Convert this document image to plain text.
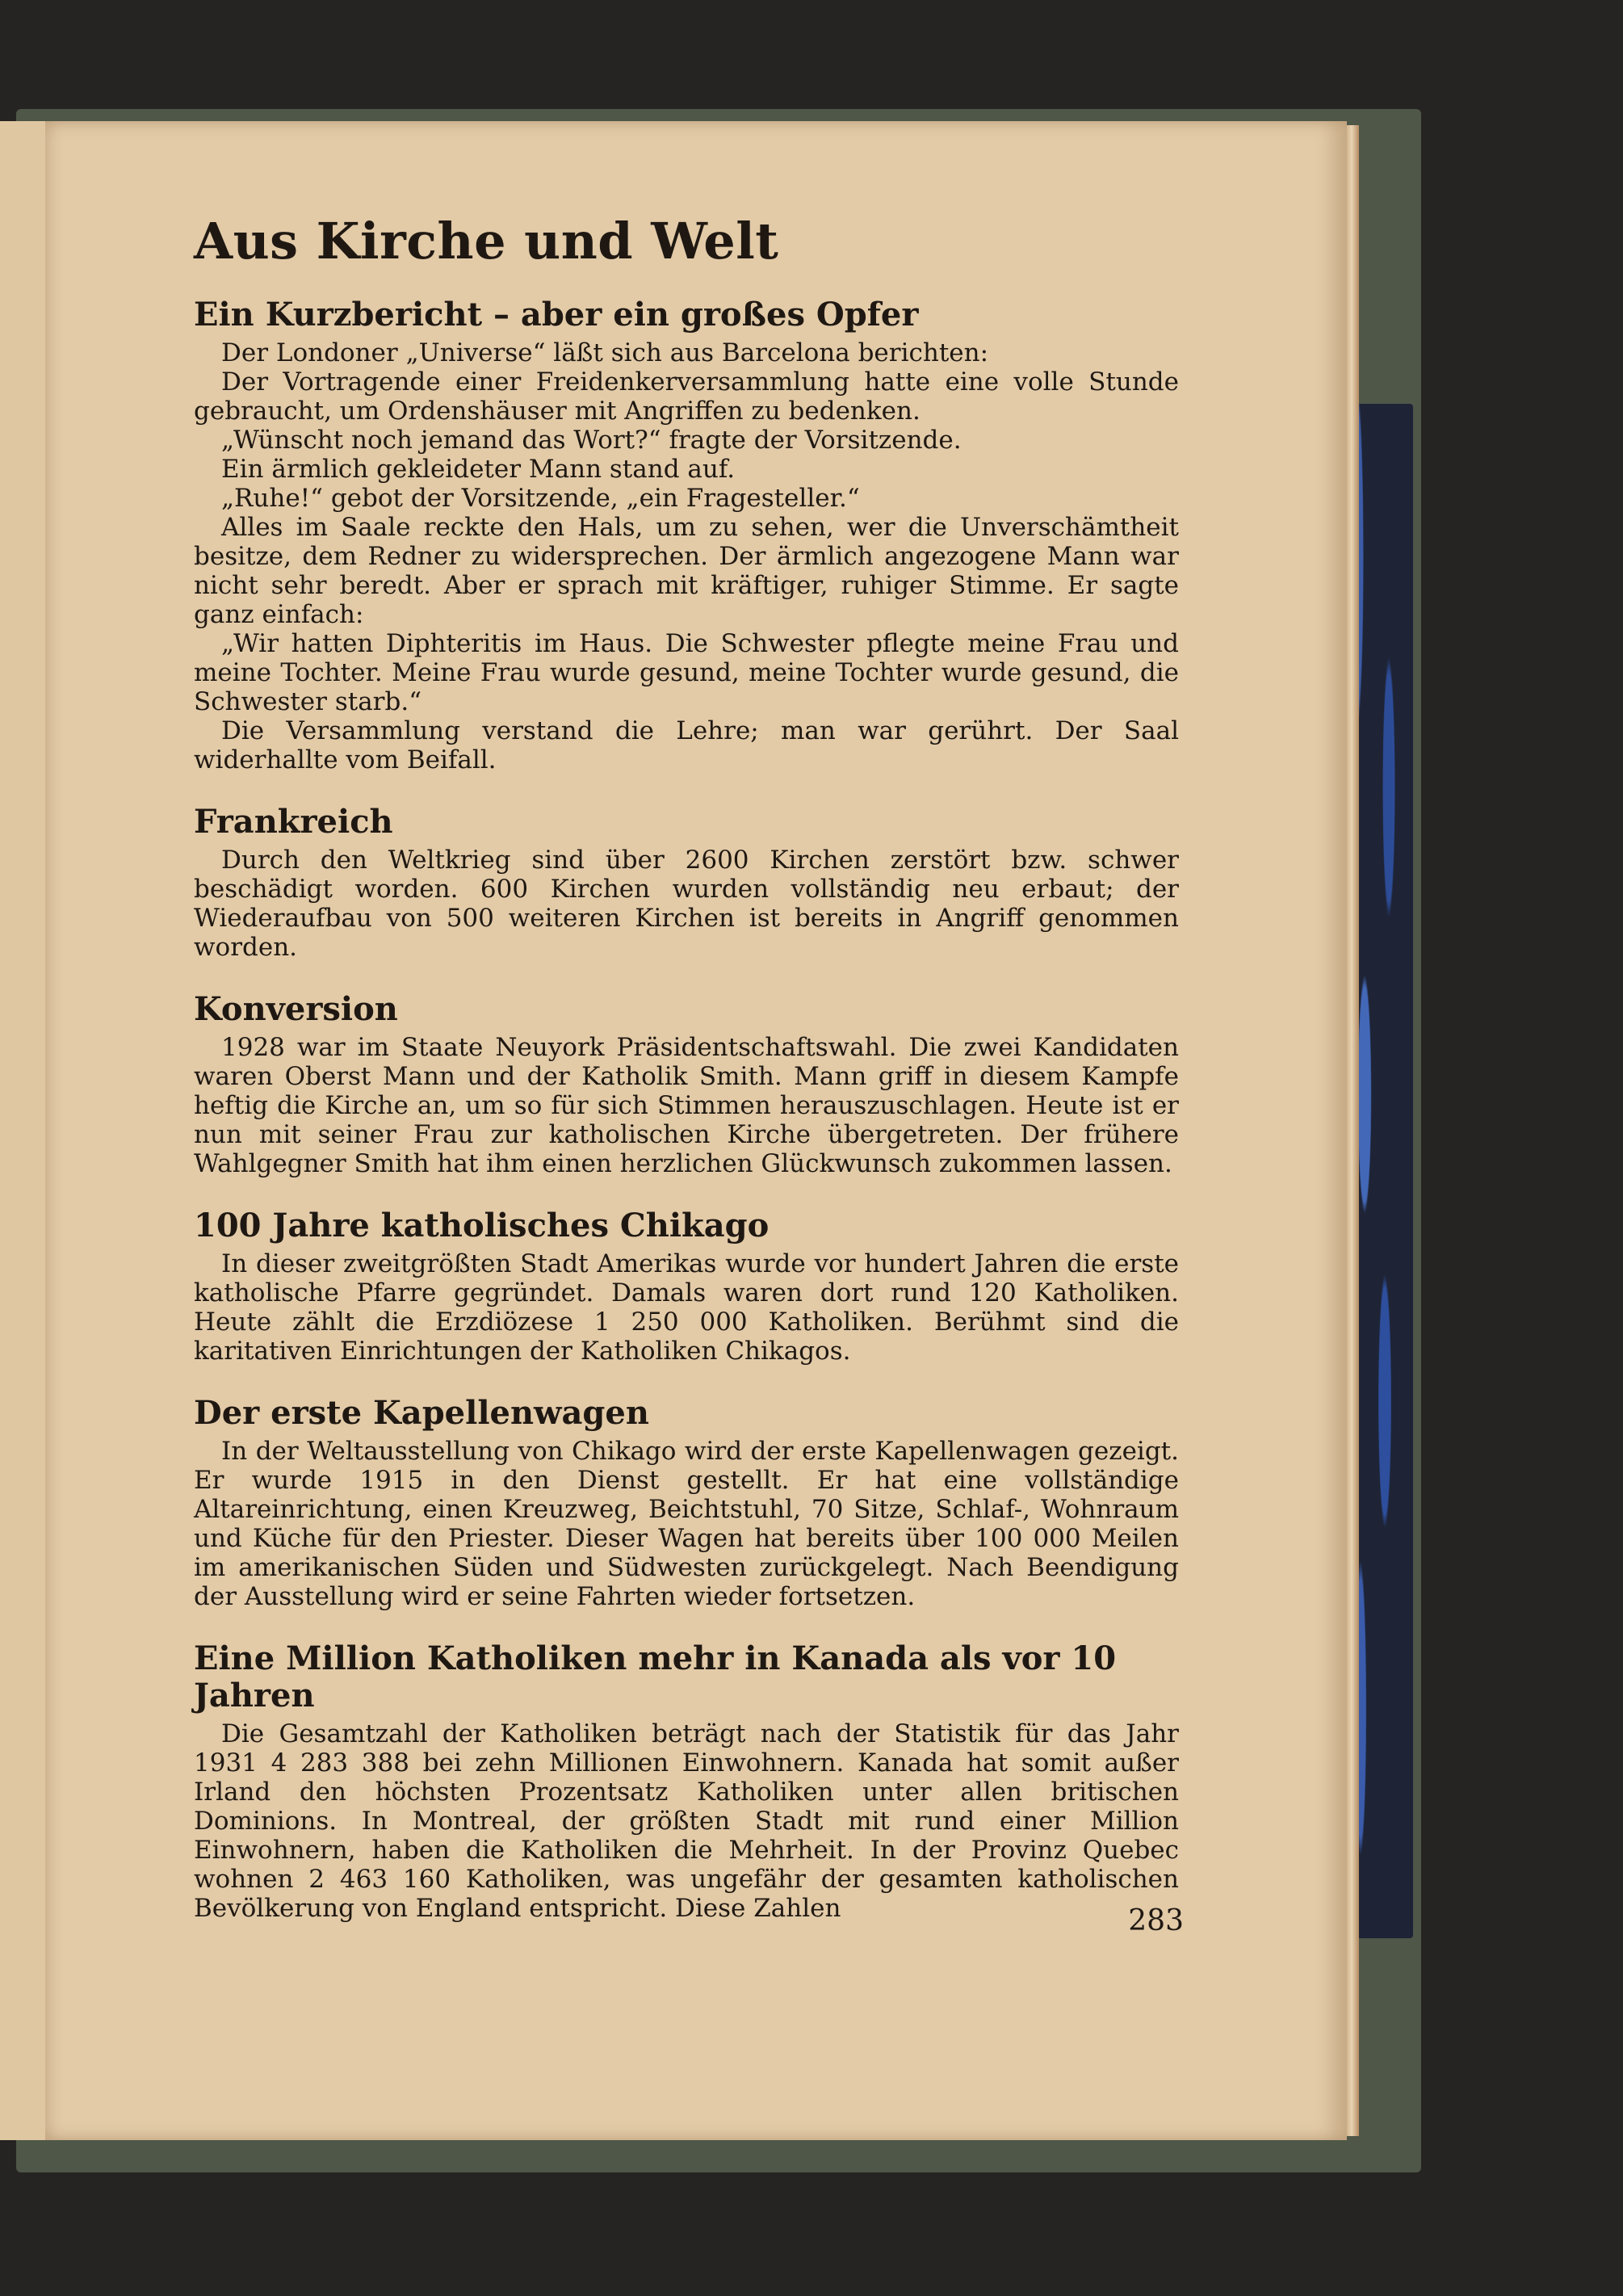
Aus Kirche und Welt
Ein Kurzbericht – aber ein großes Opfer

Der Londoner „Universe“ läßt sich aus Barcelona berichten:

Der Vortragende einer Freidenkerversammlung hatte eine volle Stunde gebraucht, um Ordenshäuser mit Angriffen zu bedenken.

„Wünscht noch jemand das Wort?“ fragte der Vorsitzende.

Ein ärmlich gekleideter Mann stand auf.

„Ruhe!“ gebot der Vorsitzende, „ein Fragesteller.“

Alles im Saale reckte den Hals, um zu sehen, wer die Unverschämtheit besitze, dem Redner zu widersprechen. Der ärmlich angezogene Mann war nicht sehr beredt. Aber er sprach mit kräftiger, ruhiger Stimme. Er sagte ganz einfach:

„Wir hatten Diphteritis im Haus. Die Schwester pflegte meine Frau und meine Tochter. Meine Frau wurde gesund, meine Tochter wurde gesund, die Schwester starb.“

Die Versammlung verstand die Lehre; man war gerührt. Der Saal widerhallte vom Beifall.

Frankreich

Durch den Weltkrieg sind über 2600 Kirchen zerstört bzw. schwer beschädigt worden. 600 Kirchen wurden vollständig neu erbaut; der Wiederaufbau von 500 weiteren Kirchen ist bereits in Angriff genommen worden.

Konversion

1928 war im Staate Neuyork Präsidentschaftswahl. Die zwei Kandidaten waren Oberst Mann und der Katholik Smith. Mann griff in diesem Kampfe heftig die Kirche an, um so für sich Stimmen herauszuschlagen. Heute ist er nun mit seiner Frau zur katholischen Kirche übergetreten. Der frühere Wahlgegner Smith hat ihm einen herzlichen Glückwunsch zukommen lassen.

100 Jahre katholisches Chikago

In dieser zweitgrößten Stadt Amerikas wurde vor hundert Jahren die erste katholische Pfarre gegründet. Damals waren dort rund 120 Katholiken. Heute zählt die Erzdiözese 1 250 000 Katholiken. Berühmt sind die karitativen Einrichtungen der Katholiken Chikagos.

Der erste Kapellenwagen

In der Weltausstellung von Chikago wird der erste Kapellenwagen gezeigt. Er wurde 1915 in den Dienst gestellt. Er hat eine vollständige Altareinrichtung, einen Kreuzweg, Beichtstuhl, 70 Sitze, Schlaf-, Wohnraum und Küche für den Priester. Dieser Wagen hat bereits über 100 000 Meilen im amerikanischen Süden und Südwesten zurückgelegt. Nach Beendigung der Ausstellung wird er seine Fahrten wieder fortsetzen.

Eine Million Katholiken mehr in Kanada als vor 10 Jahren

Die Gesamtzahl der Katholiken beträgt nach der Statistik für das Jahr 1931 4 283 388 bei zehn Millionen Einwohnern. Kanada hat somit außer Irland den höchsten Prozentsatz Katholiken unter allen britischen Dominions. In Montreal, der größten Stadt mit rund einer Million Einwohnern, haben die Katholiken die Mehrheit. In der Provinz Quebec wohnen 2 463 160 Katholiken, was ungefähr der gesamten katholischen Bevölkerung von England entspricht. Diese Zahlen	283
